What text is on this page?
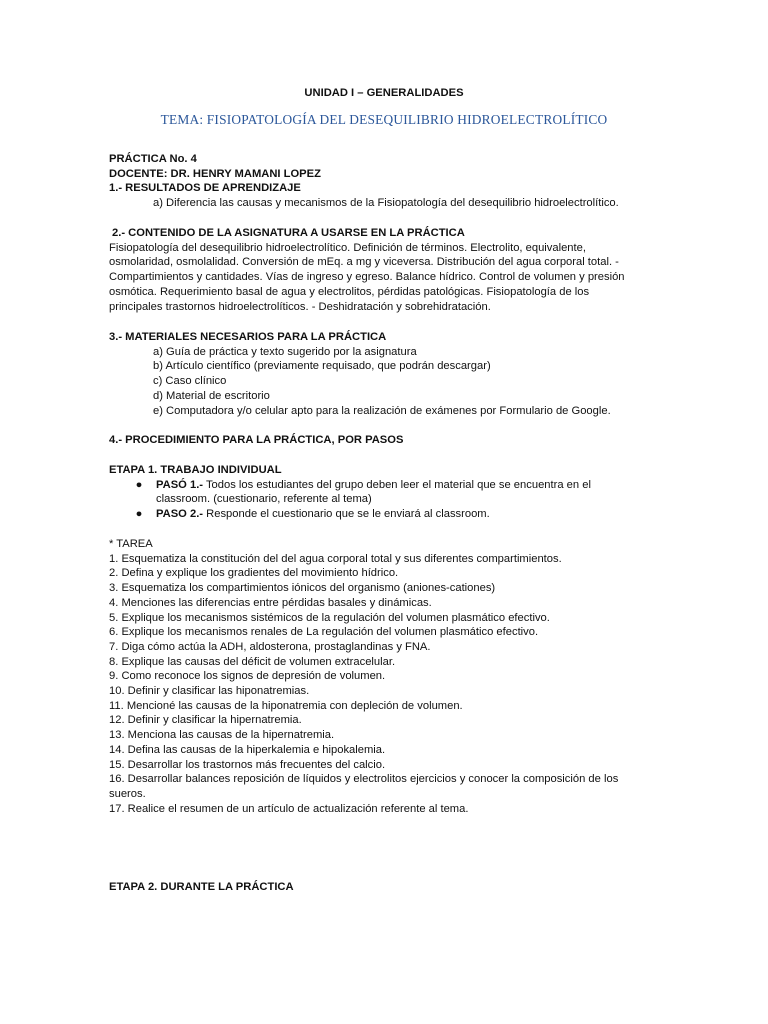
UNIDAD I – GENERALIDADES

TEMA: FISIOPATOLOGÍA DEL DESEQUILIBRIO HIDROELECTROLÍTICO

PRÁCTICA No. 4

DOCENTE: DR. HENRY MAMANI LOPEZ

1.- RESULTADOS DE APRENDIZAJE

a) Diferencia las causas y mecanismos de la Fisiopatología del desequilibrio hidroelectrolítico.

2.- CONTENIDO DE LA ASIGNATURA A USARSE EN LA PRÁCTICA

Fisiopatología del desequilibrio hidroelectrolítico. Definición de términos. Electrolito, equivalente,

osmolaridad, osmolalidad. Conversión de mEq. a mg y viceversa. Distribución del agua corporal total. -

Compartimientos y cantidades. Vías de ingreso y egreso. Balance hídrico. Control de volumen y presión

osmótica. Requerimiento basal de agua y electrolitos, pérdidas patológicas. Fisiopatología de los

principales trastornos hidroelectrolíticos. - Deshidratación y sobrehidratación.

3.- MATERIALES NECESARIOS PARA LA PRÁCTICA

a) Guía de práctica y texto sugerido por la asignatura

b) Artículo científico (previamente requisado, que podrán descargar)

c) Caso clínico

d) Material de escritorio

e) Computadora y/o celular apto para la realización de exámenes por Formulario de Google.

4.- PROCEDIMIENTO PARA LA PRÁCTICA, POR PASOS

ETAPA 1. TRABAJO INDIVIDUAL

● PASÓ 1.- Todos los estudiantes del grupo deben leer el material que se encuentra en el
classroom. (cuestionario, referente al tema)
● PASO 2.- Responde el cuestionario que se le enviará al classroom.

* TAREA

1. Esquematiza la constitución del del agua corporal total y sus diferentes compartimientos.

2. Defina y explique los gradientes del movimiento hídrico.

3. Esquematiza los compartimientos iónicos del organismo (aniones-cationes)

4. Menciones las diferencias entre pérdidas basales y dinámicas.

5. Explique los mecanismos sistémicos de la regulación del volumen plasmático efectivo.

6. Explique los mecanismos renales de La regulación del volumen plasmático efectivo.

7. Diga cómo actúa la ADH, aldosterona, prostaglandinas y FNA.

8. Explique las causas del déficit de volumen extracelular.

9. Como reconoce los signos de depresión de volumen.

10. Definir y clasificar las hiponatremias.

11. Mencioné las causas de la hiponatremia con depleción de volumen.

12. Definir y clasificar la hipernatremia.

13. Menciona las causas de la hipernatremia.

14. Defina las causas de la hiperkalemia e hipokalemia.

15. Desarrollar los trastornos más frecuentes del calcio.

16. Desarrollar balances reposición de líquidos y electrolitos ejercicios y conocer la composición de los

sueros.

17. Realice el resumen de un artículo de actualización referente al tema.

ETAPA 2. DURANTE LA PRÁCTICA
